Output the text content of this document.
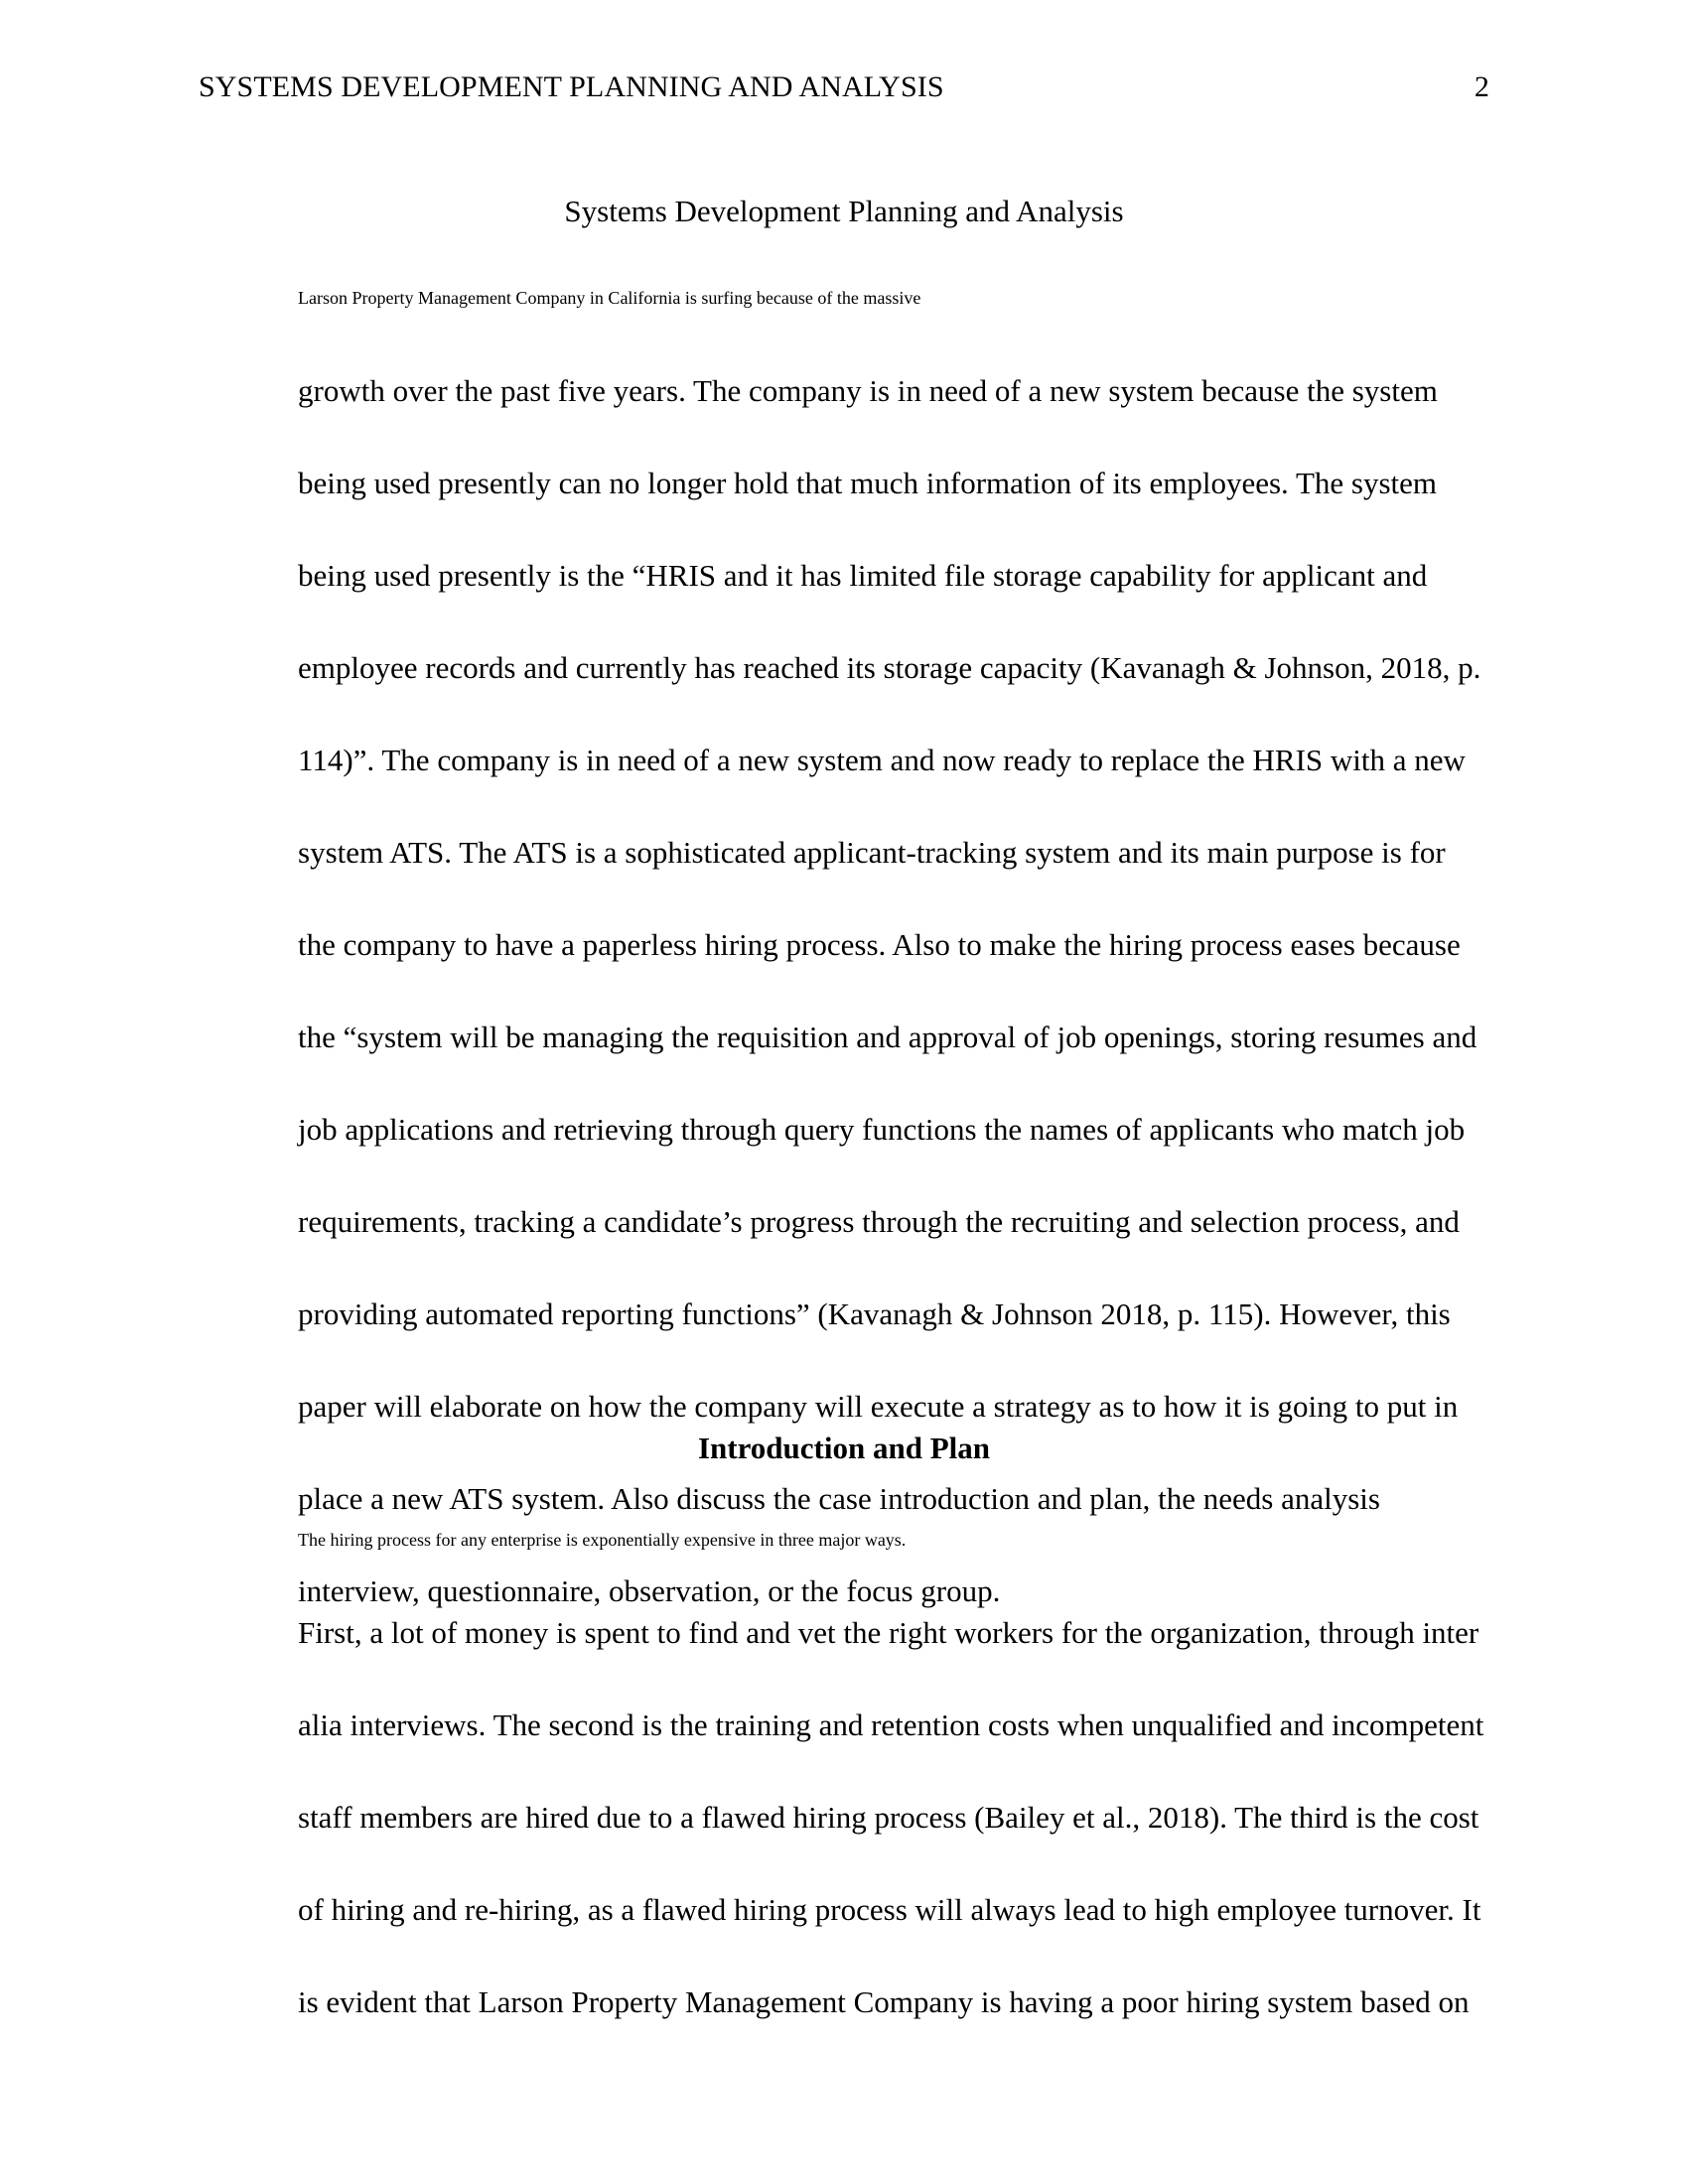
SYSTEMS DEVELOPMENT PLANNING AND ANALYSIS	2
Systems Development Planning and Analysis

Larson Property Management Company in California is surfing because of the massive
growth over the past five years. The company is in need of a new system because the system
being used presently can no longer hold that much information of its employees. The system
being used presently is the “HRIS and it has limited file storage capability for applicant and
employee records and currently has reached its storage capacity (Kavanagh & Johnson, 2018, p.
114)”. The company is in need of a new system and now ready to replace the HRIS with a new
system ATS. The ATS is a sophisticated applicant-tracking system and its main purpose is for
the company to have a paperless hiring process. Also to make the hiring process eases because
the “system will be managing the requisition and approval of job openings, storing resumes and
job applications and retrieving through query functions the names of applicants who match job
requirements, tracking a candidate’s progress through the recruiting and selection process, and
providing automated reporting functions” (Kavanagh & Johnson 2018, p. 115). However, this
paper will elaborate on how the company will execute a strategy as to how it is going to put in
place a new ATS system. Also discuss the case introduction and plan, the needs analysis
interview, questionnaire, observation, or the focus group.

Introduction and Plan

The hiring process for any enterprise is exponentially expensive in three major ways.
First, a lot of money is spent to find and vet the right workers for the organization, through inter
alia interviews. The second is the training and retention costs when unqualified and incompetent
staff members are hired due to a flawed hiring process (Bailey et al., 2018). The third is the cost
of hiring and re-hiring, as a flawed hiring process will always lead to high employee turnover. It
is evident that Larson Property Management Company is having a poor hiring system based on
